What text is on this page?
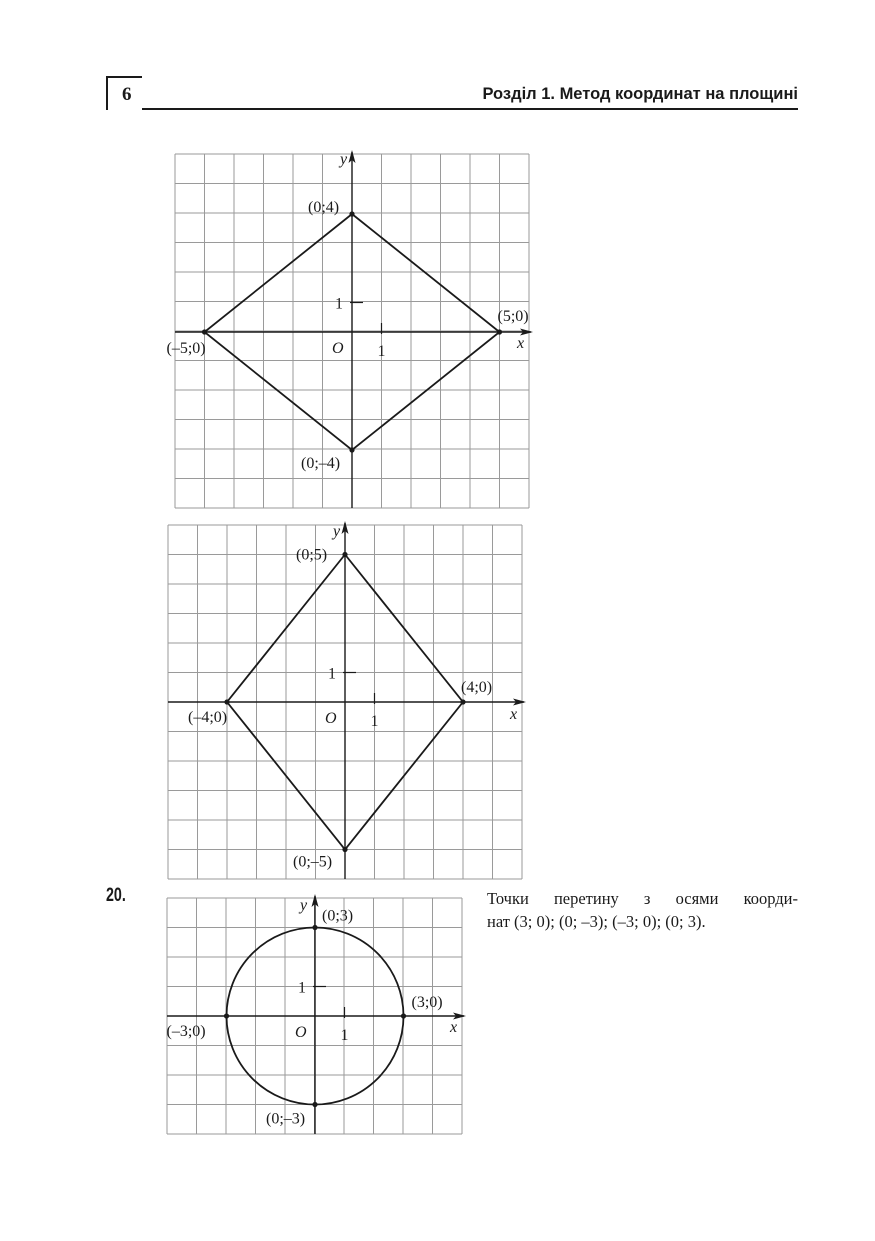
6	Розділ 1. Метод координат на площині
x
y
O 1
1
(0;4)
(5;0)
(0;–4)
(–5;0)
x
y
O 1
1
(0;5)
(4;0)
(0;–5)
(–4;0)
x
y
O 1
1
(0;3)
(3;0)
(0;–3)
(–3;0)
20.	Точки перетину з осями коорди-
нат (3; 0); (0; –3); (–3; 0); (0; 3).
